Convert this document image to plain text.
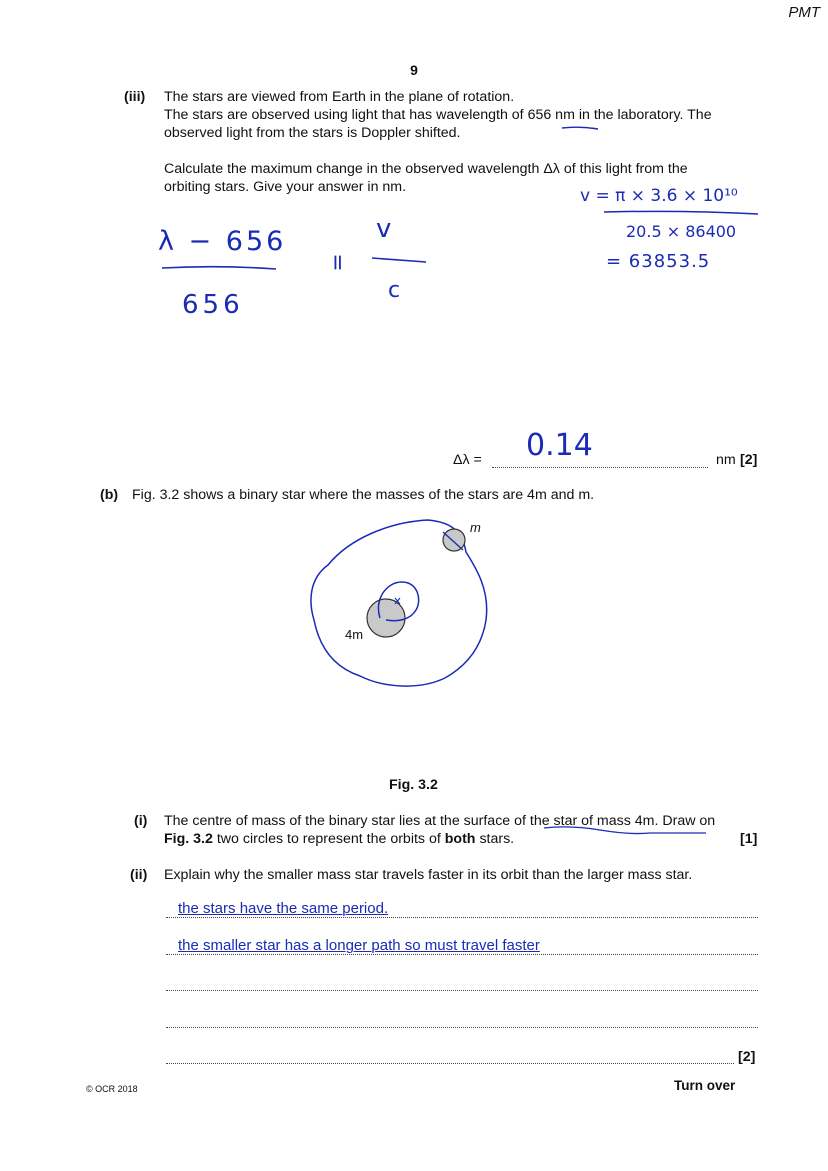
PMT
9
(iii) The stars are viewed from Earth in the plane of rotation.
The stars are observed using light that has wavelength of 656 nm in the laboratory. The
observed light from the stars is Doppler shifted.
Calculate the maximum change in the observed wavelength Δλ of this light from the
orbiting stars. Give your answer in nm.
λ − 656
656
=
v
c
v = π × 3.6 × 10¹⁰
20.5 × 86400
= 63853.5
Δλ = 0.14	nm [2]
(b) Fig. 3.2 shows a binary star where the masses of the stars are 4m and m.
m
4m
Fig. 3.2
(i) The centre of mass of the binary star lies at the surface of the star of mass 4m. Draw on
Fig. 3.2 two circles to represent the orbits of both stars.	[1]
(ii) Explain why the smaller mass star travels faster in its orbit than the larger mass star.
the stars have the same period.
the smaller star has a longer path so must travel faster
[2]
© OCR 2018	Turn over
